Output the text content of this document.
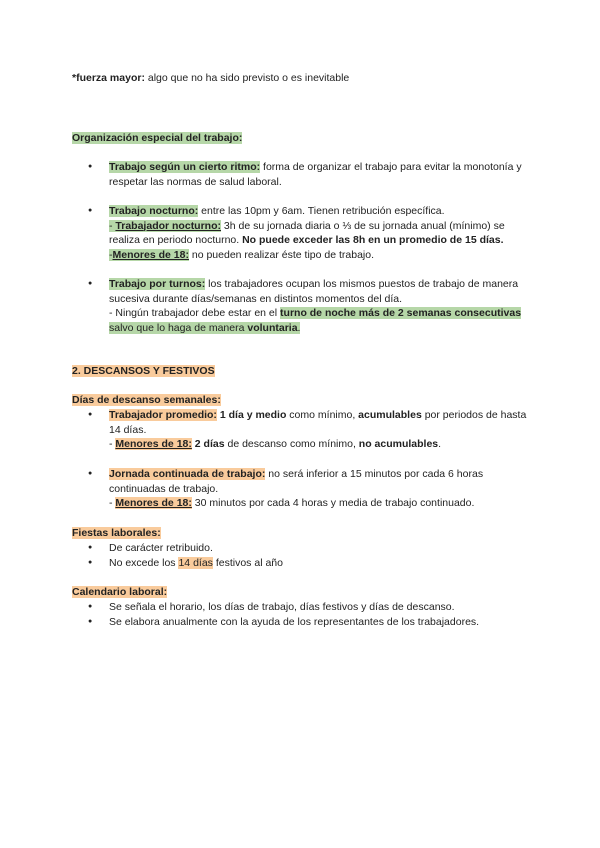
*fuerza mayor: algo que no ha sido previsto o es inevitable
Organización especial del trabajo:
● Trabajo según un cierto ritmo: forma de organizar el trabajo para evitar la monotonía y respetar las normas de salud laboral.
● Trabajo nocturno: entre las 10pm y 6am. Tienen retribución específica.
- Trabajador nocturno: 3h de su jornada diaria o ⅓ de su jornada anual (mínimo) se realiza en periodo nocturno. No puede exceder las 8h en un promedio de 15 días.
-Menores de 18: no pueden realizar éste tipo de trabajo.
● Trabajo por turnos: los trabajadores ocupan los mismos puestos de trabajo de manera sucesiva durante días/semanas en distintos momentos del día.
- Ningún trabajador debe estar en el turno de noche más de 2 semanas consecutivas salvo que lo haga de manera voluntaria.
2. DESCANSOS Y FESTIVOS
Días de descanso semanales:
● Trabajador promedio: 1 día y medio como mínimo, acumulables por periodos de hasta 14 días.
- Menores de 18: 2 días de descanso como mínimo, no acumulables.
● Jornada continuada de trabajo: no será inferior a 15 minutos por cada 6 horas continuadas de trabajo.
- Menores de 18: 30 minutos por cada 4 horas y media de trabajo continuado.
Fiestas laborales:
● De carácter retribuido.
● No excede los 14 días festivos al año
Calendario laboral:
● Se señala el horario, los días de trabajo, días festivos y días de descanso.
● Se elabora anualmente con la ayuda de los representantes de los trabajadores.
